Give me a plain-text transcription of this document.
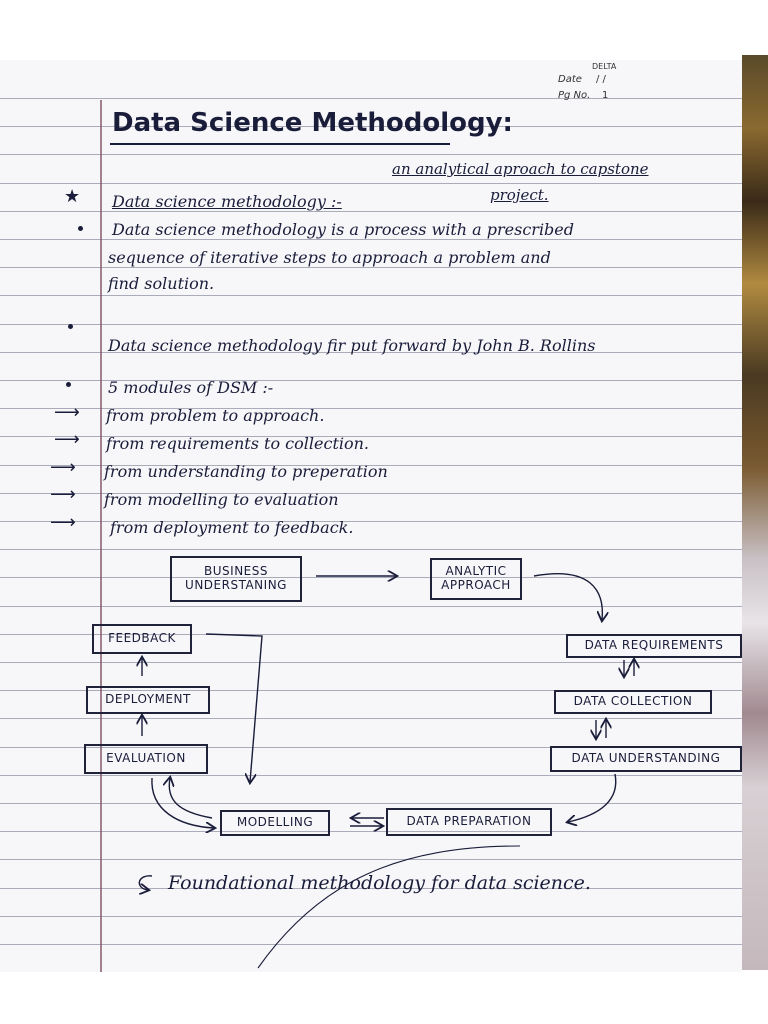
DELTA
Date / /
Pg No. 1
Data Science Methodology:
an analytical aproach to capstone
project.
★ Data science methodology :-
Data science methodology is a process with a prescribed
sequence of iterative steps to approach a problem and
find solution.
Data science methodology fir put forward by John B. Rollins
5 modules of DSM :-
⟶ from problem to approach.
⟶ from requirements to collection.
⟶ from understanding to preperation
⟶ from modelling to evaluation
⟶ from deployment to feedback.
BUSINESS UNDERSTANING
ANALYTIC APPROACH
DATA REQUIREMENTS
DATA COLLECTION
DATA UNDERSTANDING
DATA PREPARATION
MODELLING
EVALUATION
DEPLOYMENT
FEEDBACK
Foundational methodology for data science.
